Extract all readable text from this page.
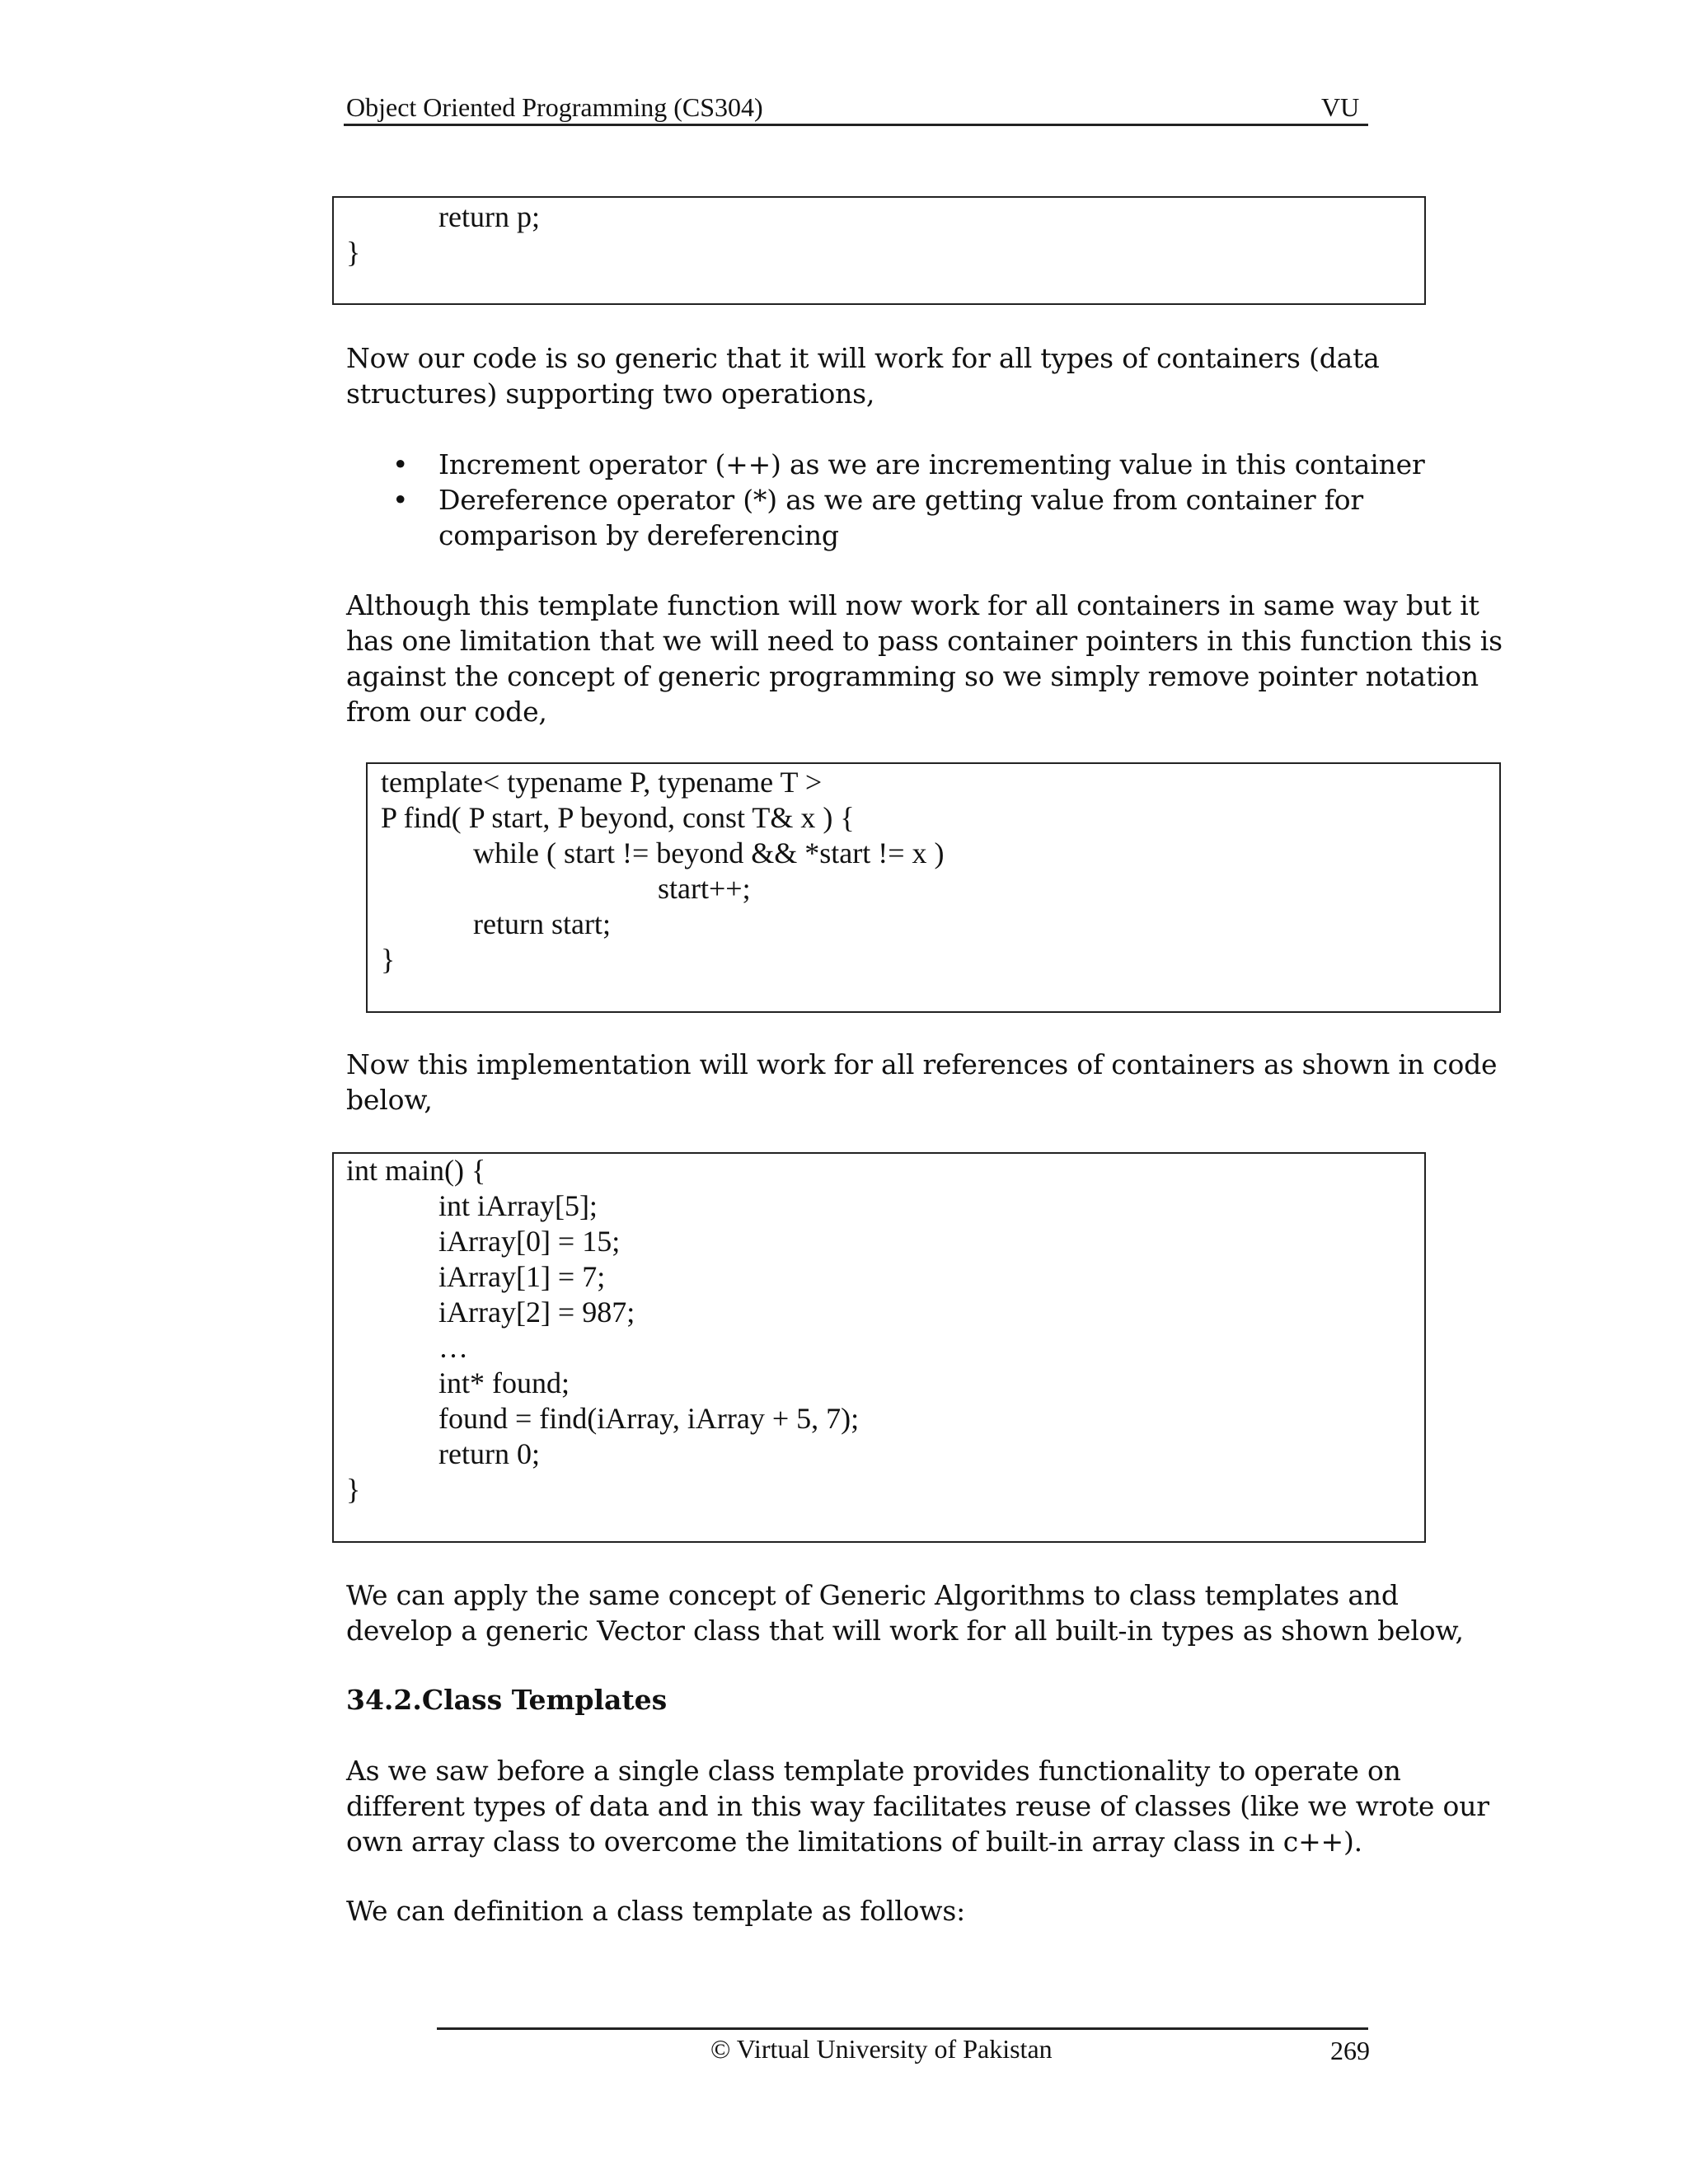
Object Oriented Programming (CS304)	VU
return p;
}
Now our code is so generic that it will work for all types of containers (data
structures) supporting two operations,
• Increment operator (++) as we are incrementing value in this container
• Dereference operator (*) as we are getting value from container for
comparison by dereferencing
Although this template function will now work for all containers in same way but it
has one limitation that we will need to pass container pointers in this function this is
against the concept of generic programming so we simply remove pointer notation
from our code,
template< typename P, typename T >
P find( P start, P beyond, const T& x ) {
while ( start != beyond && *start != x )
start++;
return start;
}
Now this implementation will work for all references of containers as shown in code
below,
int main() {
int iArray[5];
iArray[0] = 15;
iArray[1] = 7;
iArray[2] = 987;
…
int* found;
found = find(iArray, iArray + 5, 7);
return 0;
}
We can apply the same concept of Generic Algorithms to class templates and
develop a generic Vector class that will work for all built-in types as shown below,
34.2.Class Templates
As we saw before a single class template provides functionality to operate on
different types of data and in this way facilitates reuse of classes (like we wrote our
own array class to overcome the limitations of built-in array class in c++).
We can definition a class template as follows:
© Virtual University of Pakistan	269
